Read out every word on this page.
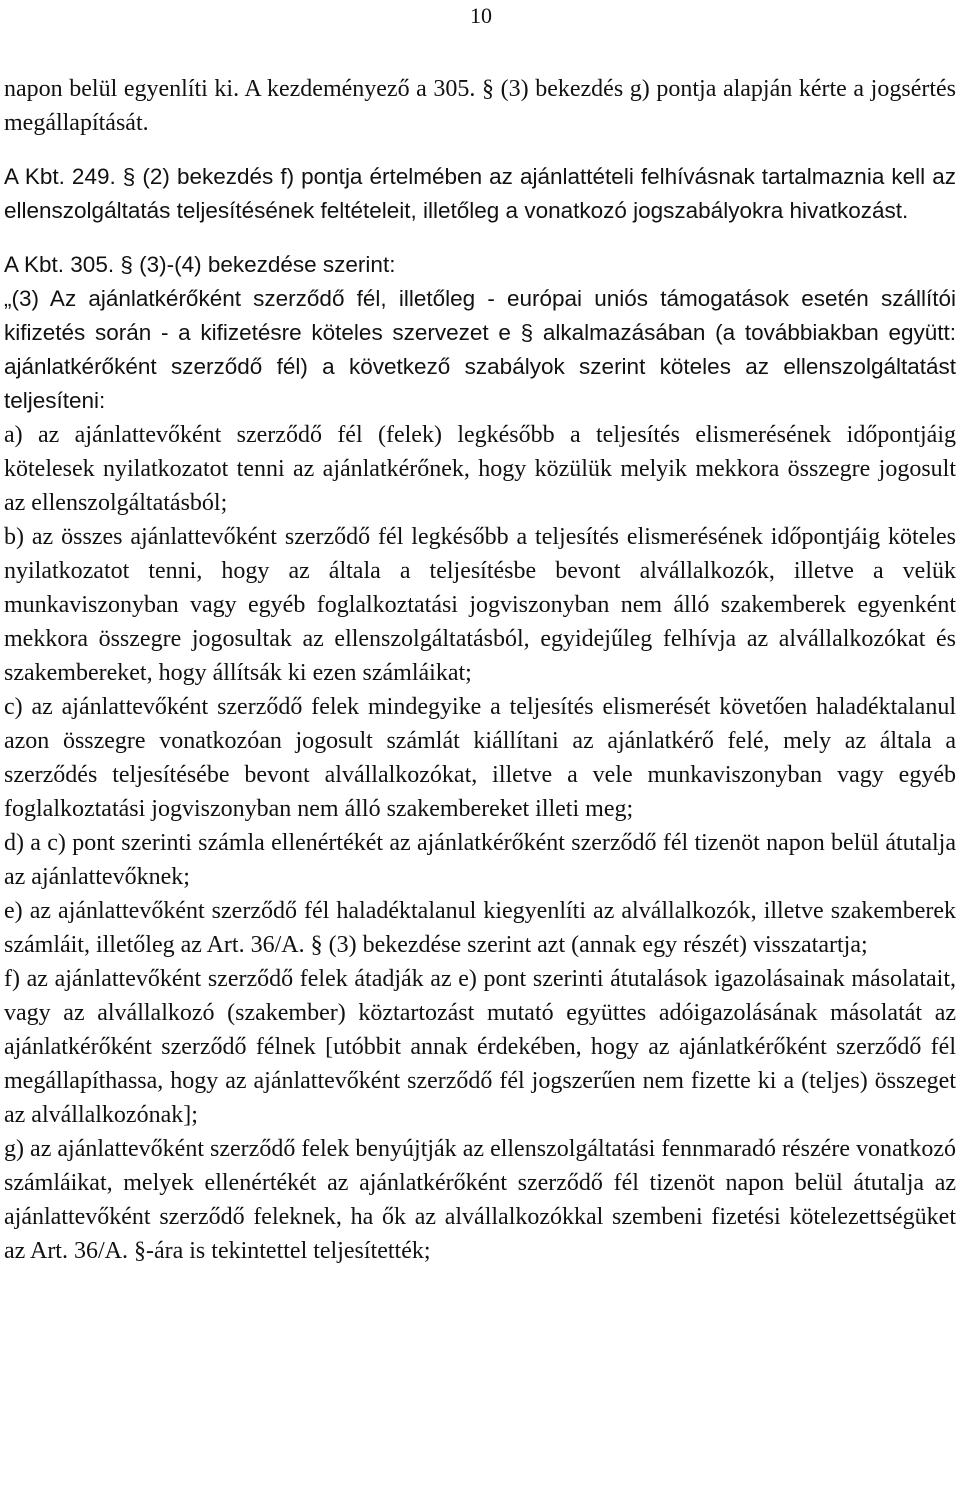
10

napon belül egyenlíti ki. A kezdeményező a 305. § (3) bekezdés g) pontja alapján kérte a jogsértés megállapítását.

A Kbt. 249. § (2) bekezdés f) pontja értelmében az ajánlattételi felhívásnak tartalmaznia kell az ellenszolgáltatás teljesítésének feltételeit, illetőleg a vonatkozó jogszabályokra hivatkozást.

A Kbt. 305. § (3)-(4) bekezdése szerint:

„(3) Az ajánlatkérőként szerződő fél, illetőleg - európai uniós támogatások esetén szállítói kifizetés során - a kifizetésre köteles szervezet e § alkalmazásában (a továbbiakban együtt: ajánlatkérőként szerződő fél) a következő szabályok szerint köteles az ellenszolgáltatást teljesíteni:

a) az ajánlattevőként szerződő fél (felek) legkésőbb a teljesítés elismerésének időpontjáig kötelesek nyilatkozatot tenni az ajánlatkérőnek, hogy közülük melyik mekkora összegre jogosult az ellenszolgáltatásból;

b) az összes ajánlattevőként szerződő fél legkésőbb a teljesítés elismerésének időpontjáig köteles nyilatkozatot tenni, hogy az általa a teljesítésbe bevont alvállalkozók, illetve a velük munkaviszonyban vagy egyéb foglalkoztatási jogviszonyban nem álló szakemberek egyenként mekkora összegre jogosultak az ellenszolgáltatásból, egyidejűleg felhívja az alvállalkozókat és szakembereket, hogy állítsák ki ezen számláikat;

c) az ajánlattevőként szerződő felek mindegyike a teljesítés elismerését követően haladéktalanul azon összegre vonatkozóan jogosult számlát kiállítani az ajánlatkérő felé, mely az általa a szerződés teljesítésébe bevont alvállalkozókat, illetve a vele munkaviszonyban vagy egyéb foglalkoztatási jogviszonyban nem álló szakembereket illeti meg;

d) a c) pont szerinti számla ellenértékét az ajánlatkérőként szerződő fél tizenöt napon belül átutalja az ajánlattevőknek;

e) az ajánlattevőként szerződő fél haladéktalanul kiegyenlíti az alvállalkozók, illetve szakemberek számláit, illetőleg az Art. 36/A. § (3) bekezdése szerint azt (annak egy részét) visszatartja;

f) az ajánlattevőként szerződő felek átadják az e) pont szerinti átutalások igazolásainak másolatait, vagy az alvállalkozó (szakember) köztartozást mutató együttes adóigazolásának másolatát az ajánlatkérőként szerződő félnek [utóbbit annak érdekében, hogy az ajánlatkérőként szerződő fél megállapíthassa, hogy az ajánlattevőként szerződő fél jogszerűen nem fizette ki a (teljes) összeget az alvállalkozónak];

g) az ajánlattevőként szerződő felek benyújtják az ellenszolgáltatási fennmaradó részére vonatkozó számláikat, melyek ellenértékét az ajánlatkérőként szerződő fél tizenöt napon belül átutalja az ajánlattevőként szerződő feleknek, ha ők az alvállalkozókkal szembeni fizetési kötelezettségüket az Art. 36/A. §-ára is tekintettel teljesítették;
